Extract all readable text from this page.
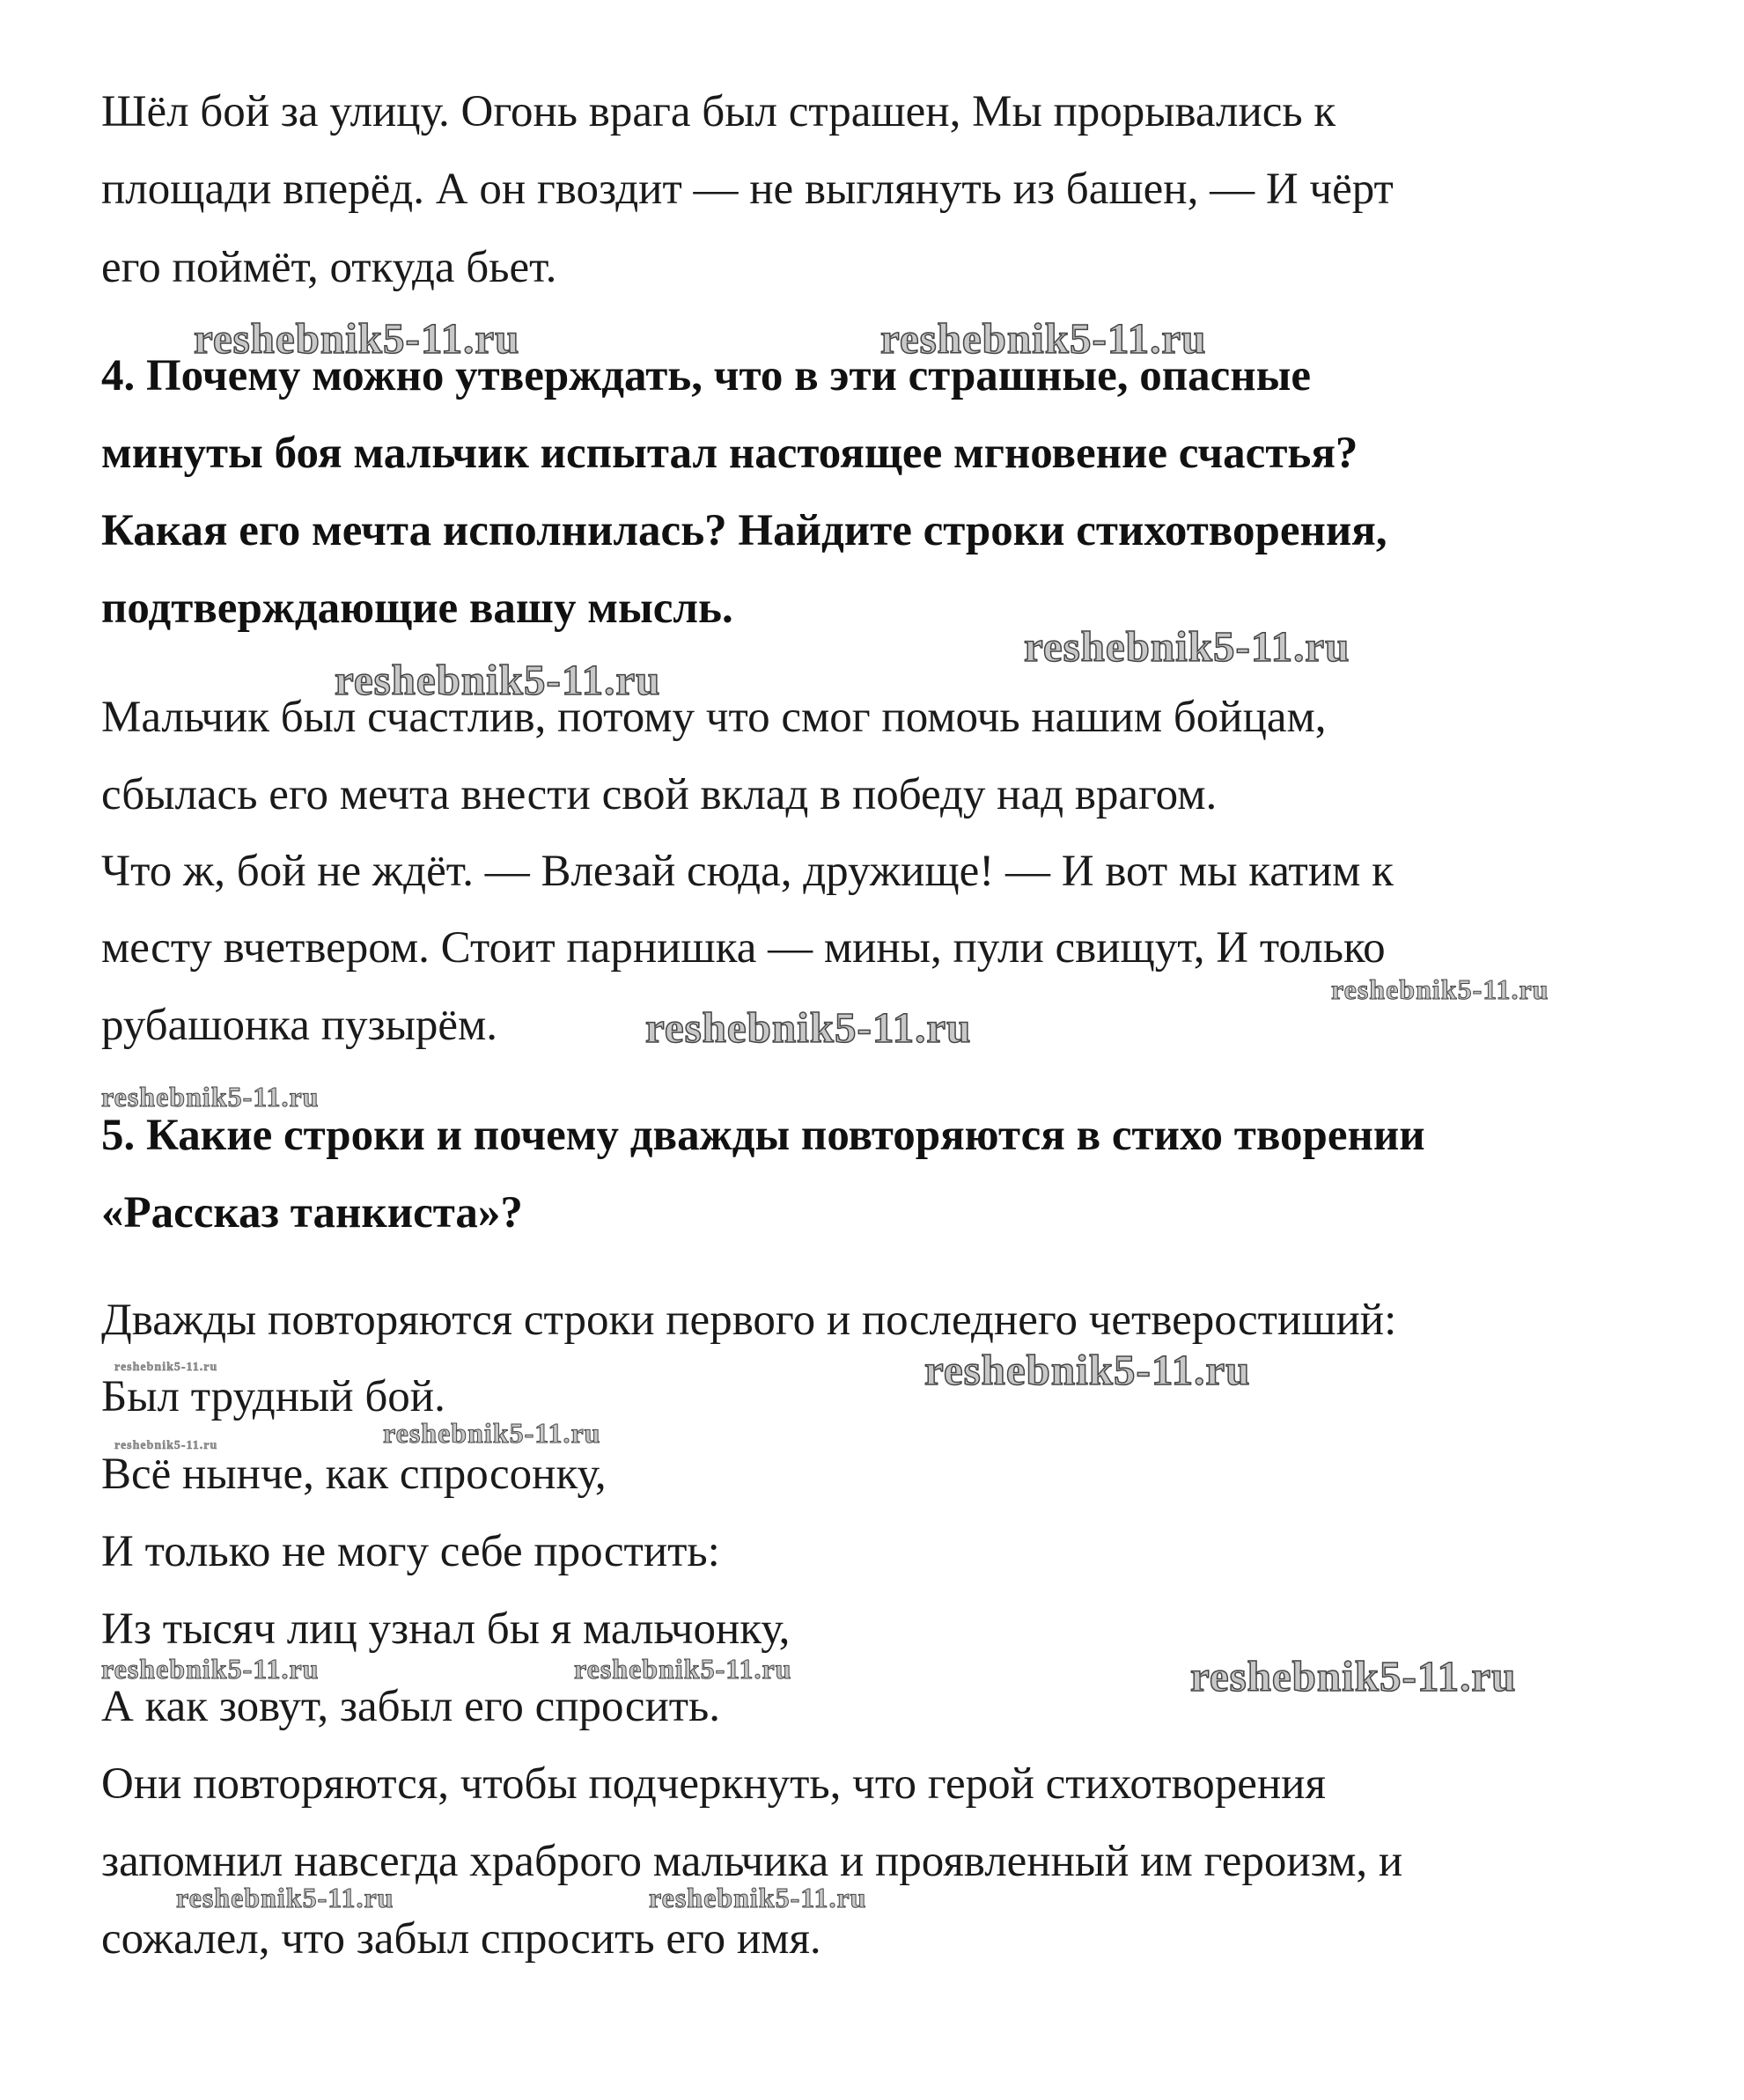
Шёл бой за улицу. Огонь врага был страшен, Мы прорывались к

площади вперёд. А он гвоздит — не выглянуть из башен, — И чёрт

его поймёт, откуда бьет.

4. Почему можно утверждать, что в эти страшные, опасные

минуты боя мальчик испытал настоящее мгновение счастья?

Какая его мечта исполнилась? Найдите строки стихотворения,

подтверждающие вашу мысль.

Мальчик был счастлив, потому что смог помочь нашим бойцам,

сбылась его мечта внести свой вклад в победу над врагом.

Что ж, бой не ждёт. — Влезай сюда, дружище! — И вот мы катим к

месту вчетвером. Стоит парнишка — мины, пули свищут, И только

рубашонка пузырём.

5. Какие строки и почему дважды повторяются в стихо творении

«Рассказ танкиста»?

Дважды повторяются строки первого и последнего четверостиший:

Был трудный бой.

Всё нынче, как спросонку,

И только не могу себе простить:

Из тысяч лиц узнал бы я мальчонку,

А как зовут, забыл его спросить.

Они повторяются, чтобы подчеркнуть, что герой стихотворения

запомнил навсегда храброго мальчика и проявленный им героизм, и

сожалел, что забыл спросить его имя.

reshebnik5-11.ru	reshebnik5-11.ru
reshebnik5-11.ru
reshebnik5-11.ru
reshebnik5-11.ru
reshebnik5-11.ru
reshebnik5-11.ru
reshebnik5-11.ru
reshebnik5-11.ru
reshebnik5-11.ru
reshebnik5-11.ru
reshebnik5-11.ru	reshebnik5-11.ru	reshebnik5-11.ru
reshebnik5-11.ru	reshebnik5-11.ru
